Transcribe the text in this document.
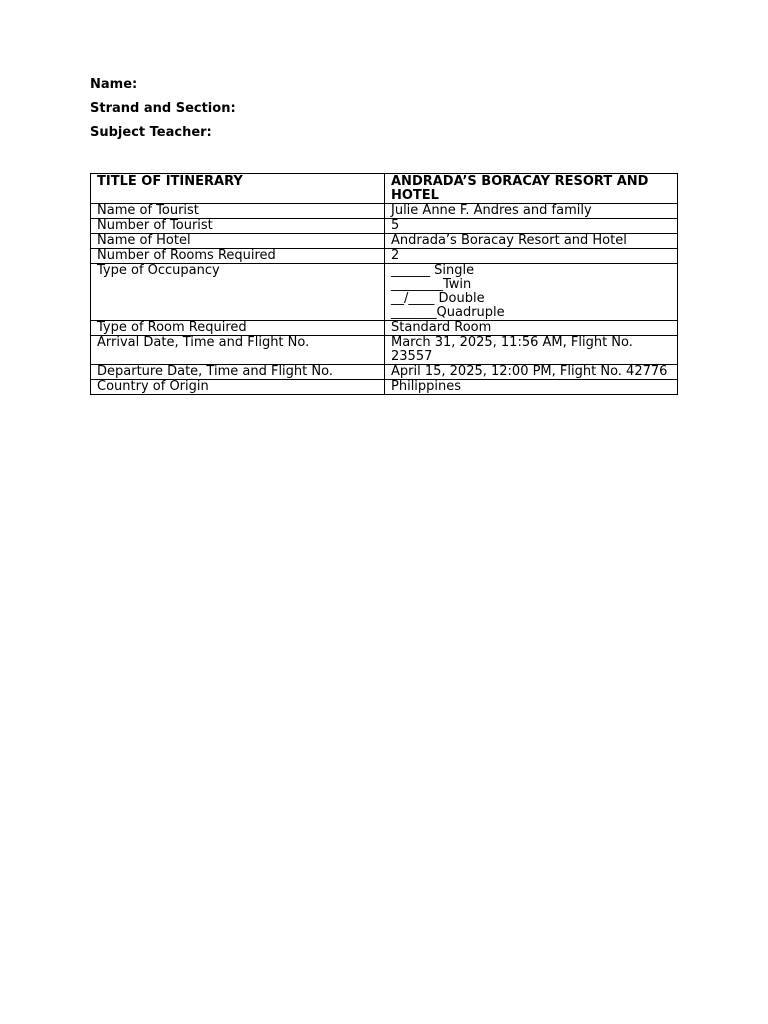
Name:
Strand and Section:
Subject Teacher:
TITLE OF ITINERARY	ANDRADA’S BORACAY RESORT AND HOTEL
Name of Tourist	Julie Anne F. Andres and family
Number of Tourist	5
Name of Hotel	Andrada’s Boracay Resort and Hotel
Number of Rooms Required	2
Type of Occupancy	______ Single
________Twin
__/____ Double
_______Quadruple

Type of Room Required	Standard Room
Arrival Date, Time and Flight No.	March 31, 2025, 11:56 AM, Flight No. 23557
Departure Date, Time and Flight No.	April 15, 2025, 12:00 PM, Flight No. 42776
Country of Origin	Philippines
